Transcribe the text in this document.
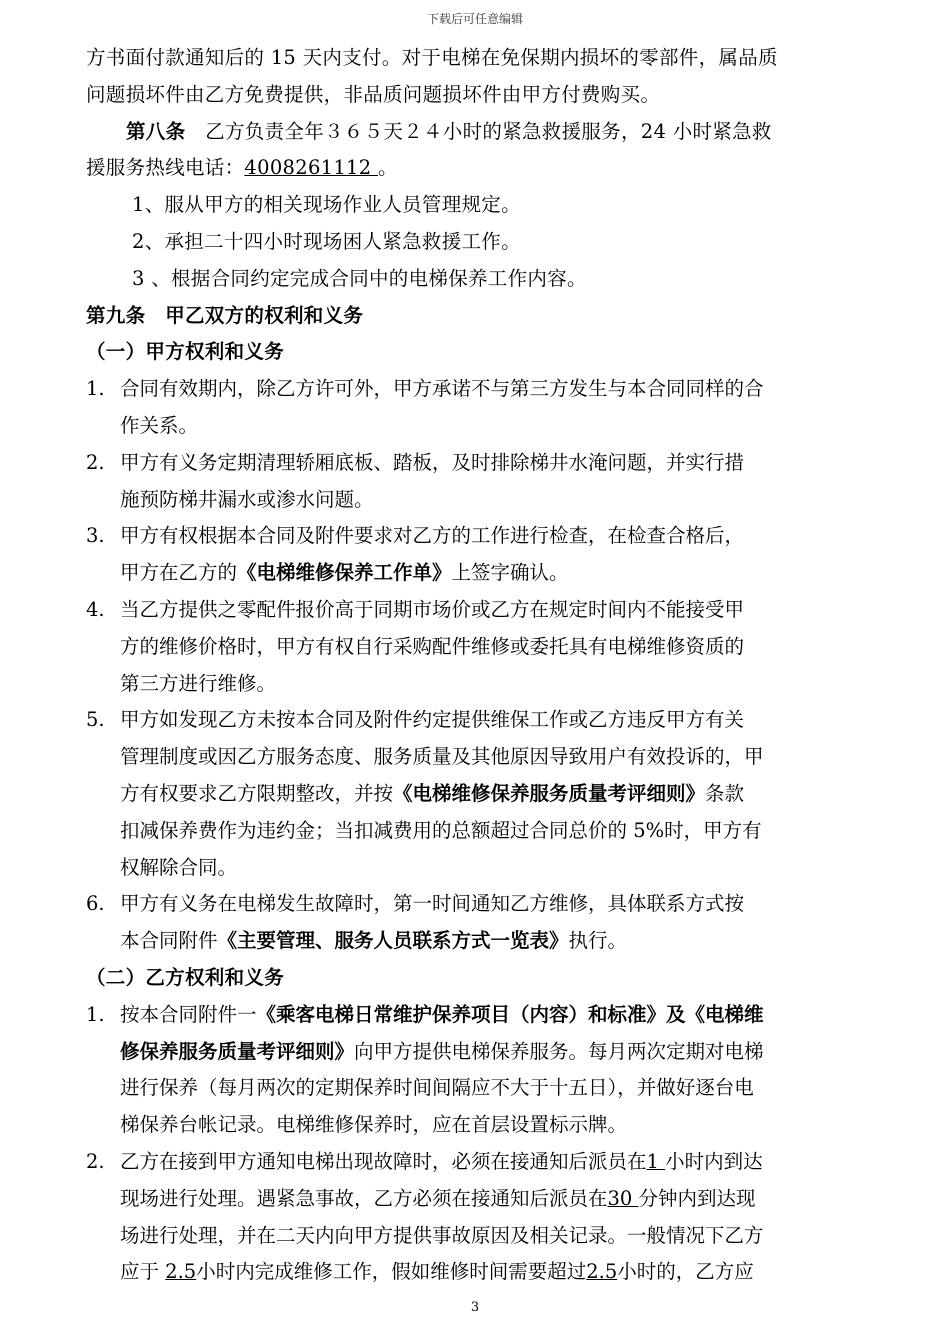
下载后可任意编辑
方书面付款通知后的 15 天内支付。对于电梯在免保期内损坏的零部件，属品质
问题损坏件由乙方免费提供，非品质问题损坏件由甲方付费购买。
第八条　乙方负责全年３６５天２４小时的紧急救援服务，24 小时紧急救
援服务热线电话：4008261112 。
1、服从甲方的相关现场作业人员管理规定。
2、承担二十四小时现场困人紧急救援工作。
3 、根据合同约定完成合同中的电梯保养工作内容。
第九条　甲乙双方的权利和义务
（一）甲方权利和义务
1. 合同有效期内，除乙方许可外，甲方承诺不与第三方发生与本合同同样的合
作关系。
2. 甲方有义务定期清理轿厢底板、踏板，及时排除梯井水淹问题，并实行措
施预防梯井漏水或渗水问题。
3. 甲方有权根据本合同及附件要求对乙方的工作进行检查，在检查合格后，
甲方在乙方的《电梯维修保养工作单》上签字确认。
4. 当乙方提供之零配件报价高于同期市场价或乙方在规定时间内不能接受甲
方的维修价格时，甲方有权自行采购配件维修或委托具有电梯维修资质的
第三方进行维修。
5. 甲方如发现乙方未按本合同及附件约定提供维保工作或乙方违反甲方有关
管理制度或因乙方服务态度、服务质量及其他原因导致用户有效投诉的，甲
方有权要求乙方限期整改，并按《电梯维修保养服务质量考评细则》条款
扣减保养费作为违约金；当扣减费用的总额超过合同总价的 5%时，甲方有
权解除合同。
6. 甲方有义务在电梯发生故障时，第一时间通知乙方维修，具体联系方式按
本合同附件《主要管理、服务人员联系方式一览表》执行。
（二）乙方权利和义务
1. 按本合同附件一《乘客电梯日常维护保养项目（内容）和标准》及《电梯维
修保养服务质量考评细则》向甲方提供电梯保养服务。每月两次定期对电梯
进行保养（每月两次的定期保养时间间隔应不大于十五日），并做好逐台电
梯保养台帐记录。电梯维修保养时，应在首层设置标示牌。
2. 乙方在接到甲方通知电梯出现故障时，必须在接通知后派员在1 小时内到达
现场进行处理。遇紧急事故，乙方必须在接通知后派员在30 分钟内到达现
场进行处理，并在二天内向甲方提供事故原因及相关记录。一般情况下乙方
应于 2.5小时内完成维修工作，假如维修时间需要超过2.5小时的，乙方应
3
